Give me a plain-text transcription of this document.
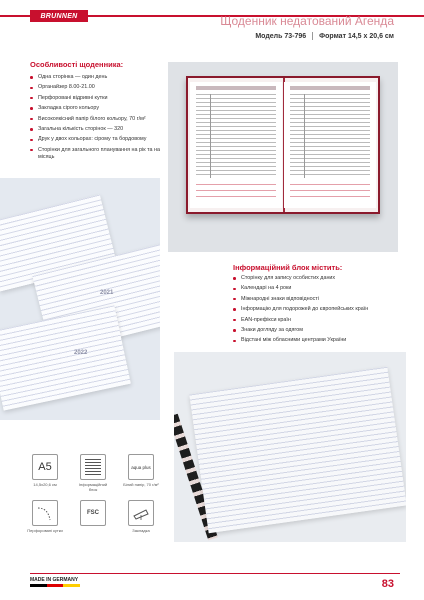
BRUNNEN	Щоденник недатований Агенда
Модель 73-796 Формат 14,5 х 20,6 см
Особливості щоденника:
Одна сторінка — один день
Органайзер 8.00-21.00
Перфоровані відривні кутки
Закладка сірого кольору
Високоякісний папір білого кольору, 70 г/м²
Загальна кількість сторінок — 320
Друк у двох кольорах: сірому та бордовому
Сторінки для загального планування на рік та на місяць
2021
2022
Інформаційний блок містить:
Сторінку для запису особистих даних
Календарі на 4 роки
Міжнародні знаки відповідності
Інформацію для подорожей до європейських країн
EAN-префікси країн
Знаки догляду за одягом
Відстані між обласними центрами України
A5
14,5х20,6 см	Інформаційний блок
aqua plus
Білий папір, 70 г/м²
Перфоровані кутки
FSC
Закладка
MADE IN GERMANY	83
